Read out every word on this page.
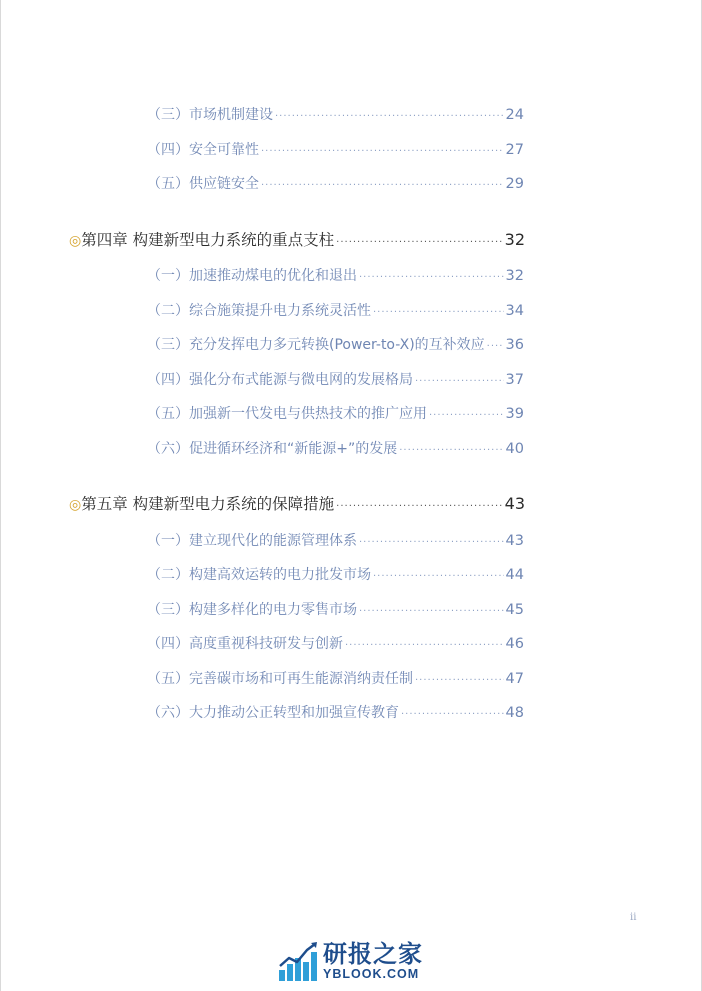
（三）市场机制建设 ·····	24
（四）安全可靠性 ·····	27
（五）供应链安全 ·····	29
◎ 第四章 构建新型电力系统的重点支柱 ·····	32
（一）加速推动煤电的优化和退出 ·····	32
（二）综合施策提升电力系统灵活性 ·····	34
（三）充分发挥电力多元转换(Power-to-X)的互补效应 ····· 36
（四）强化分布式能源与微电网的发展格局 ·····	37
（五）加强新一代发电与供热技术的推广应用 ·····	39
（六）促进循环经济和“新能源+”的发展 ·····	40
◎ 第五章 构建新型电力系统的保障措施 ·····	43
（一）建立现代化的能源管理体系 ·····	43
（二）构建高效运转的电力批发市场 ·····	44
（三）构建多样化的电力零售市场 ·····	45
（四）高度重视科技研发与创新 ·····	46
（五）完善碳市场和可再生能源消纳责任制 ·····	47
（六）大力推动公正转型和加强宣传教育 ·····	48
ii
研报之家
YBLOOK.COM
